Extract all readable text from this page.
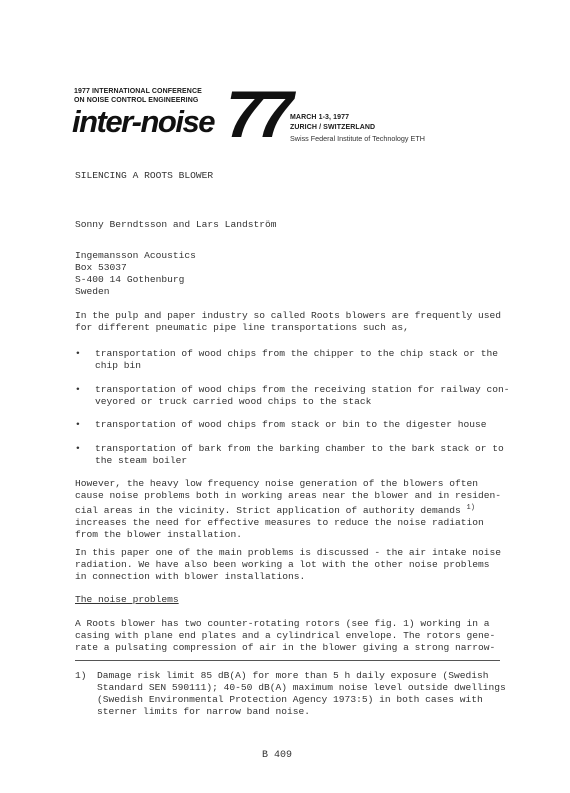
1977 INTERNATIONAL CONFERENCE
ON NOISE CONTROL ENGINEERING
inter-noise 77 MARCH 1-3, 1977
ZURICH / SWITZERLAND
Swiss Federal Institute of Technology ETH
SILENCING A ROOTS BLOWER
Sonny Berndtsson and Lars Landström
Ingemansson Acoustics
Box 53037
S-400 14 Gothenburg
Sweden
In the pulp and paper industry so called Roots blowers are frequently used
for different pneumatic pipe line transportations such as,
• transportation of wood chips from the chipper to the chip stack or the
chip bin
• transportation of wood chips from the receiving station for railway con-
veyored or truck carried wood chips to the stack
• transportation of wood chips from stack or bin to the digester house
• transportation of bark from the barking chamber to the bark stack or to
the steam boiler
However, the heavy low frequency noise generation of the blowers often
cause noise problems both in working areas near the blower and in residen-
cial areas in the vicinity. Strict application of authority demands $^{1)}$
increases the need for effective measures to reduce the noise radiation
from the blower installation.
In this paper one of the main problems is discussed - the air intake noise
radiation. We have also been working a lot with the other noise problems
in connection with blower installations.
The noise problems
A Roots blower has two counter-rotating rotors (see fig. 1) working in a
casing with plane end plates and a cylindrical envelope. The rotors gene-
rate a pulsating compression of air in the blower giving a strong narrow-
1) Damage risk limit 85 dB(A) for more than 5 h daily exposure (Swedish
Standard SEN 590111); 40-50 dB(A) maximum noise level outside dwellings
(Swedish Environmental Protection Agency 1973:5) in both cases with
sterner limits for narrow band noise.
B 409
